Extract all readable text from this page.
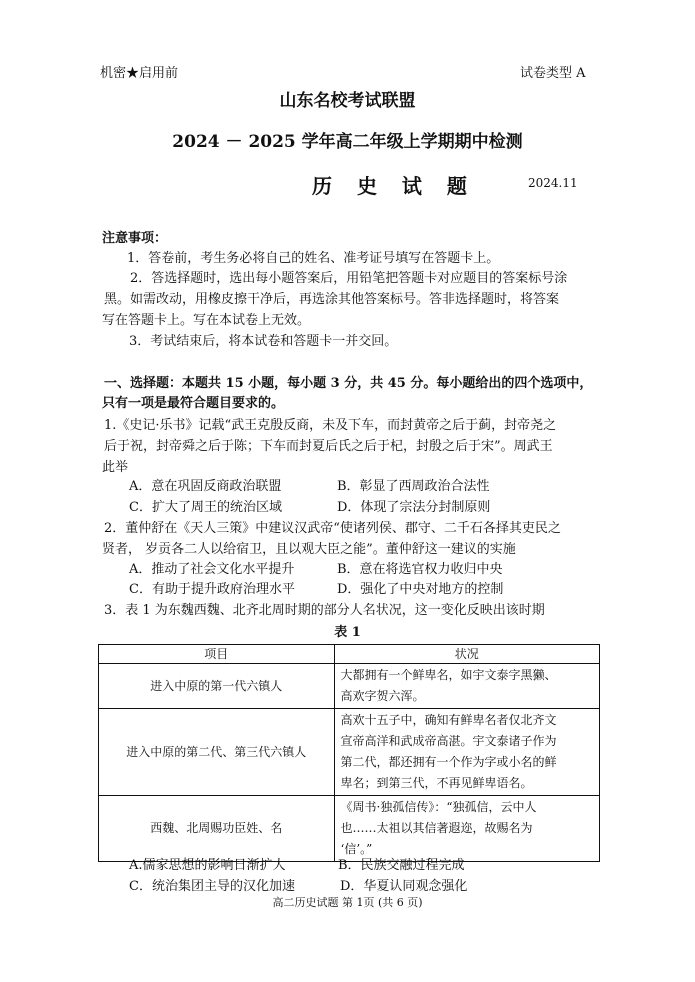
机密★启用前	试卷类型 A
山东名校考试联盟
2024 － 2025 学年高二年级上学期期中检测
历 史 试 题	2024.11
注意事项：
1．答卷前，考生务必将自己的姓名、准考证号填写在答题卡上。
2．答选择题时，选出每小题答案后，用铅笔把答题卡对应题目的答案标号涂
黑。如需改动，用橡皮擦干净后，再选涂其他答案标号。答非选择题时，将答案
写在答题卡上。写在本试卷上无效。
3．考试结束后，将本试卷和答题卡一并交回。
一、选择题：本题共 15 小题，每小题 3 分，共 45 分。每小题给出的四个选项中，
只有一项是最符合题目要求的。
1.《史记·乐书》记载“武王克殷反商，未及下车，而封黄帝之后于蓟，封帝尧之
后于祝，封帝舜之后于陈；下车而封夏后氏之后于杞，封殷之后于宋”。周武王
此举
A．意在巩固反商政治联盟	B．彰显了西周政治合法性
C．扩大了周王的统治区域	D．体现了宗法分封制原则
2．董仲舒在《天人三策》中建议汉武帝“使诸列侯、郡守、二千石各择其吏民之
贤者， 岁贡各二人以给宿卫，且以观大臣之能”。董仲舒这一建议的实施
A．推动了社会文化水平提升	B．意在将选官权力收归中央
C．有助于提升政府治理水平	D．强化了中央对地方的控制
3．表 1 为东魏西魏、北齐北周时期的部分人名状况，这一变化反映出该时期
表 1
项目	状况
进入中原的第一代六镇人	大都拥有一个鲜卑名，如宇文泰字黑獭、
高欢字贺六浑。

进入中原的第二代、第三代六镇人	高欢十五子中，确知有鲜卑名者仅北齐文
宣帝高洋和武成帝高湛。宇文泰诸子作为
第二代，都还拥有一个作为字或小名的鲜
卑名；到第三代，不再见鲜卑语名。

西魏、北周赐功臣姓、名	《周书·独孤信传》：“独孤信，云中人
也……太祖以其信著遐迩，故赐名为
‘信’。”
A.儒家思想的影响日渐扩大	B．民族交融过程完成
C．统治集团主导的汉化加速	D．华夏认同观念强化
高二历史试题 第 1页 (共 6 页)
